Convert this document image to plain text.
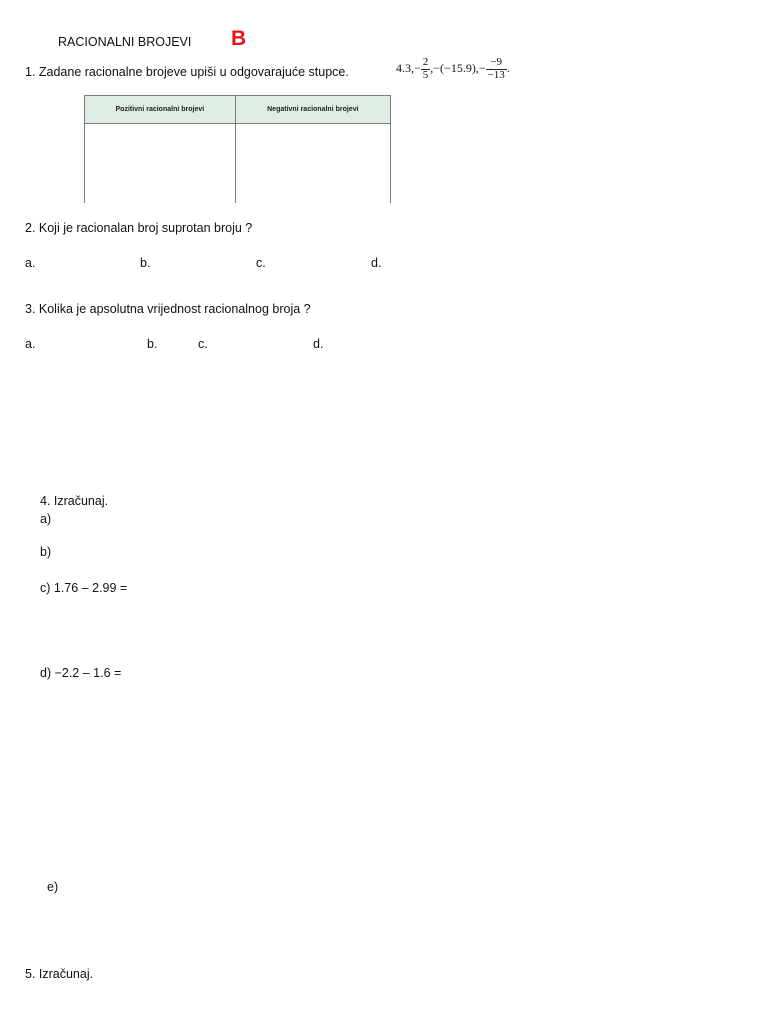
RACIONALNI BROJEVI B
1. Zadane racionalne brojeve upiši u odgovarajuće stupce.	$4.3,- \frac{2}{5} ,-(-15.9),- \frac{-9}{-13}$ .
Pozitivni racionalni brojevi	Negativni racionalni brojevi

2. Koji je racionalan broj suprotan broju ?
a.	b.	c.	d.
3. Kolika je apsolutna vrijednost racionalnog broja ?
a.	b.	c.	d.
4. Izračunaj.
a)
b)
c) 1.76 – 2.99 =
d) −2.2 – 1.6 =
e)
5. Izračunaj.
